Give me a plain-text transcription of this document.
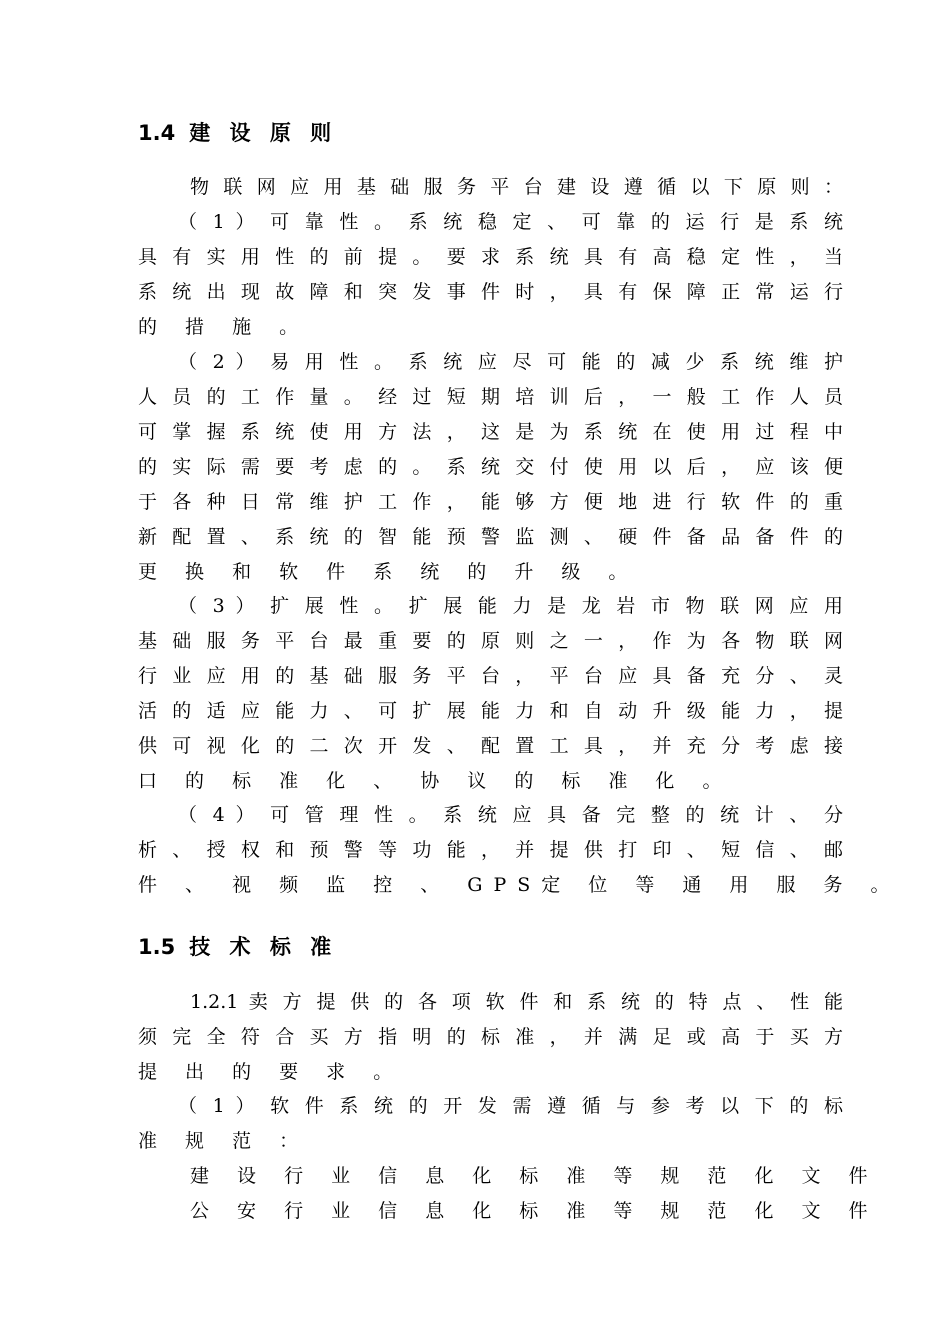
1.4 建 设 原 则
物 联 网 应 用 基 础 服 务 平 台 建 设 遵 循 以 下 原 则 ：
（ 1 ） 可 靠 性 。 系 统 稳 定 、 可 靠 的 运 行 是 系 统
具 有 实 用 性 的 前 提 。 要 求 系 统 具 有 高 稳 定 性 ， 当
系 统 出 现 故 障 和 突 发 事 件 时 ， 具 有 保 障 正 常 运 行
的 措 施 。
（ 2 ） 易 用 性 。 系 统 应 尽 可 能 的 减 少 系 统 维 护
人 员 的 工 作 量 。 经 过 短 期 培 训 后 ， 一 般 工 作 人 员
可 掌 握 系 统 使 用 方 法 ， 这 是 为 系 统 在 使 用 过 程 中
的 实 际 需 要 考 虑 的 。 系 统 交 付 使 用 以 后 ， 应 该 便
于 各 种 日 常 维 护 工 作 ， 能 够 方 便 地 进 行 软 件 的 重
新 配 置 、 系 统 的 智 能 预 警 监 测 、 硬 件 备 品 备 件 的
更 换 和 软 件 系 统 的 升 级 。
（ 3 ） 扩 展 性 。 扩 展 能 力 是 龙 岩 市 物 联 网 应 用
基 础 服 务 平 台 最 重 要 的 原 则 之 一 ， 作 为 各 物 联 网
行 业 应 用 的 基 础 服 务 平 台 ， 平 台 应 具 备 充 分 、 灵
活 的 适 应 能 力 、 可 扩 展 能 力 和 自 动 升 级 能 力 ， 提
供 可 视 化 的 二 次 开 发 、 配 置 工 具 ， 并 充 分 考 虑 接
口 的 标 准 化 、 协 议 的 标 准 化 。
（ 4 ） 可 管 理 性 。 系 统 应 具 备 完 整 的 统 计 、 分
析 、 授 权 和 预 警 等 功 能 ， 并 提 供 打 印 、 短 信 、 邮
件 、 视 频 监 控 、 GPS定 位 等 通 用 服 务 。
1.5 技 术 标 准
1.2.1 卖 方 提 供 的 各 项 软 件 和 系 统 的 特 点 、 性 能
须 完 全 符 合 买 方 指 明 的 标 准 ， 并 满 足 或 高 于 买 方
提 出 的 要 求 。
（ 1 ） 软 件 系 统 的 开 发 需 遵 循 与 参 考 以 下 的 标
准 规 范 ：
建 设 行 业 信 息 化 标 准 等 规 范 化 文 件
公 安 行 业 信 息 化 标 准 等 规 范 化 文 件
